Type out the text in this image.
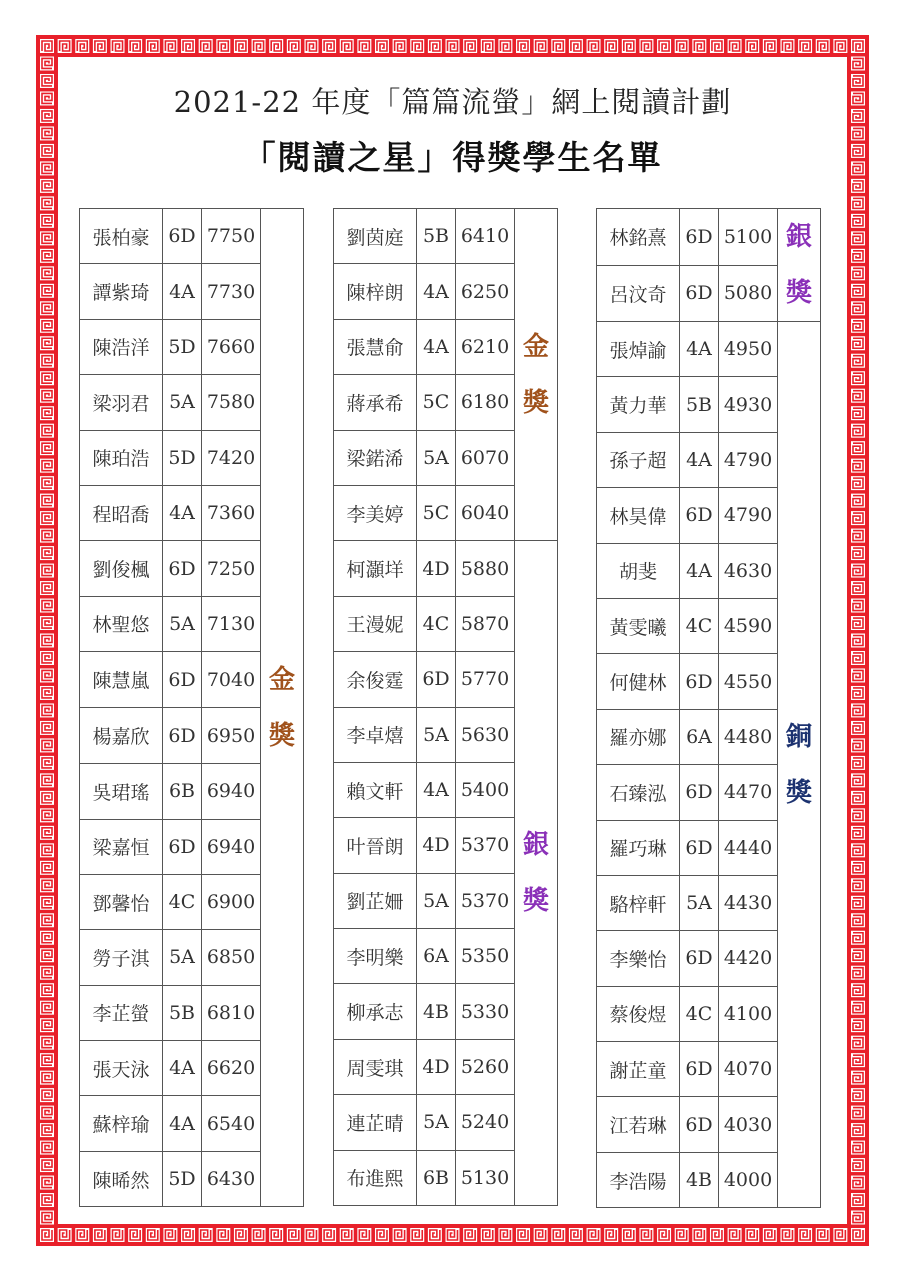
2021-22 年度「篇篇流螢」網上閱讀計劃
「閱讀之星」得獎學生名單
張柏豪	6D	7750	
譚紫琦	4A	7730	
陳浩洋	5D	7660	
梁羽君	5A	7580	
陳珀浩	5D	7420	
程昭喬	4A	7360	
劉俊楓	6D	7250	
林聖悠	5A	7130	
陳慧嵐	6D	7040	金
獎

楊嘉欣	6D	6950	
吳珺瑤	6B	6940	
梁嘉恒	6D	6940	
鄧馨怡	4C	6900	
勞子淇	5A	6850	
李芷螢	5B	6810	
張天泳	4A	6620	
蘇梓瑜	4A	6540	
陳晞然	5D	6430	
劉茵庭	5B	6410	金
獎

陳梓朗	4A	6250	
張慧俞	4A	6210	
蔣承希	5C	6180	
梁鍩浠	5A	6070	
李美婷	5C	6040	
柯灝垟	4D	5880	銀
獎

王漫妮	4C	5870	
余俊霆	6D	5770	
李卓熺	5A	5630	
賴文軒	4A	5400	
叶晉朗	4D	5370	
劉芷姍	5A	5370	
李明樂	6A	5350	
柳承志	4B	5330	
周雯琪	4D	5260	
連芷晴	5A	5240	
布進熙	6B	5130	
林銘熹	6D	5100	銀
獎

呂汶奇	6D	5080	
張焯諭	4A	4950	銅
獎

黃力華	5B	4930	
孫子超	4A	4790	
林昊偉	6D	4790	
胡斐	4A	4630	
黃雯曦	4C	4590	
何健林	6D	4550	
羅亦娜	6A	4480	
石臻泓	6D	4470	
羅巧琳	6D	4440	
駱梓軒	5A	4430	
李樂怡	6D	4420	
蔡俊煜	4C	4100	
謝芷童	6D	4070	
江若琳	6D	4030	
李浩陽	4B	4000	
